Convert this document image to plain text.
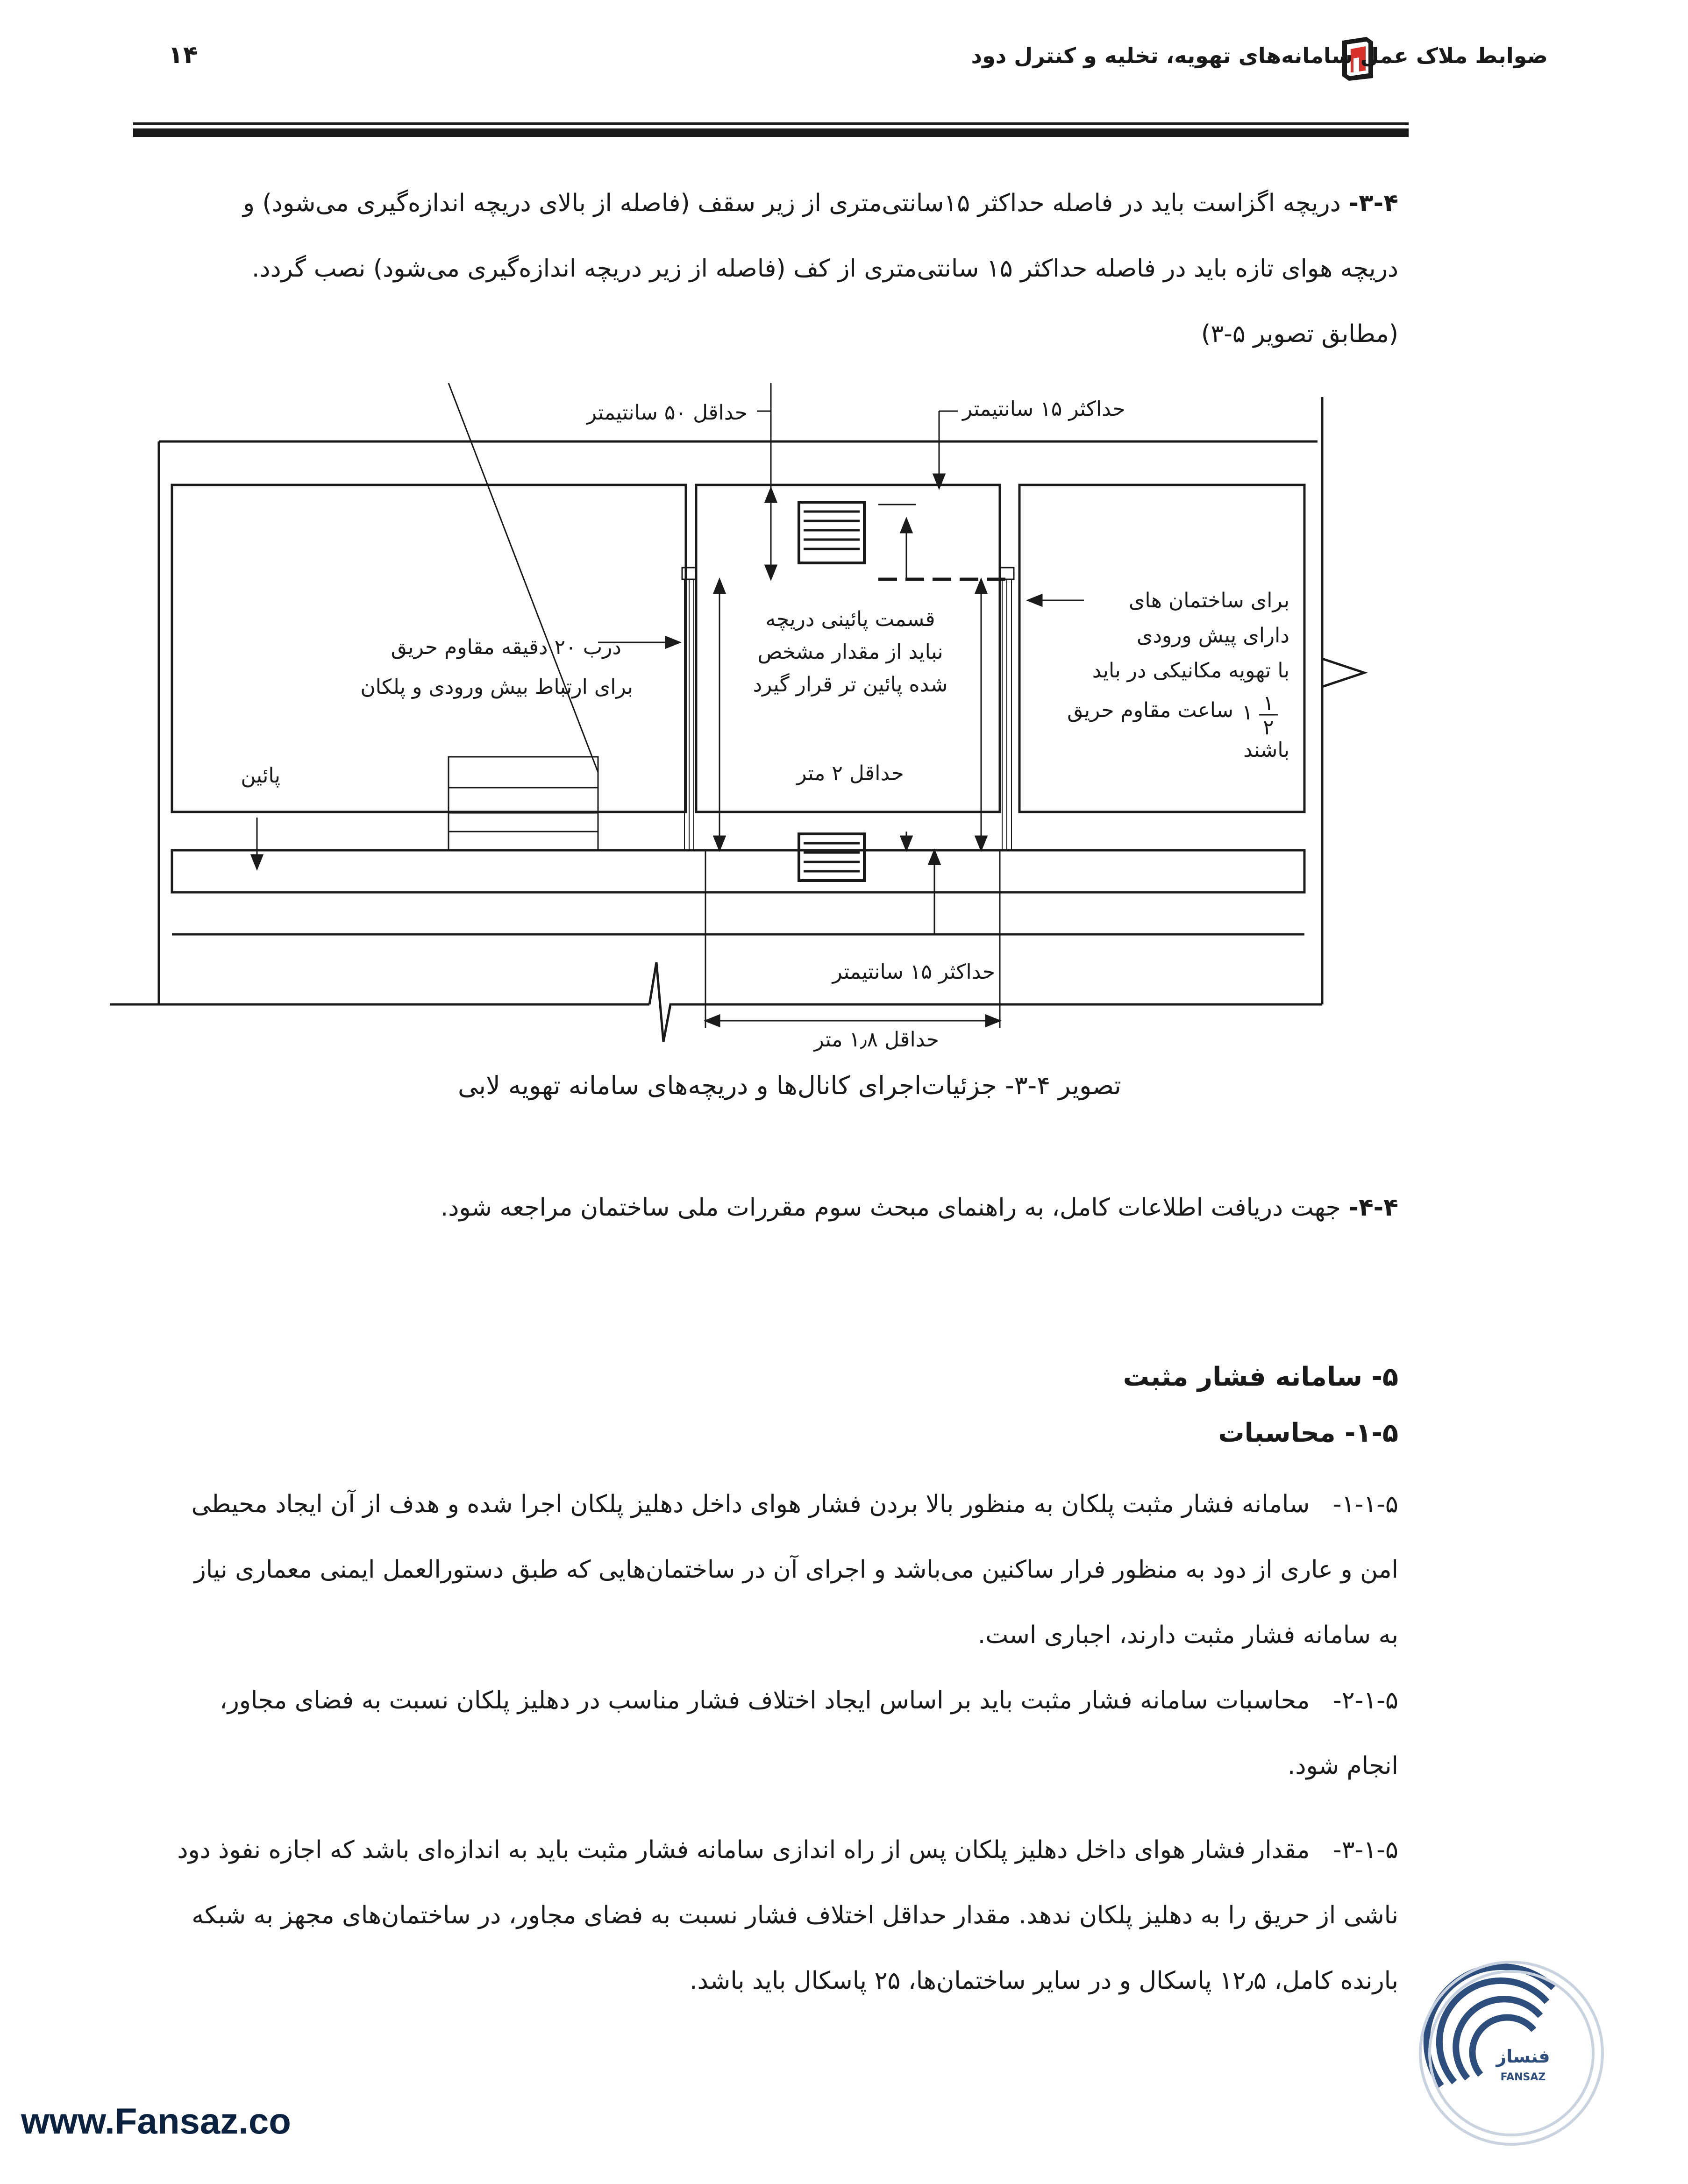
ضوابط ملاک عمل سامانه‌های تهویه، تخلیه و کنترل دود
۱۴

۳-۴- دریچه اگزاست باید در فاصله حداکثر ۱۵سانتی‌متری از زیر سقف (فاصله از بالای دریچه اندازه‌گیری می‌شود) و

دریچه هوای تازه باید در فاصله حداکثر ۱۵ سانتی‌متری از کف (فاصله از زیر دریچه اندازه‌گیری می‌شود) نصب گردد.

(مطابق تصویر ۵-۳)

حداقل ۵۰ سانتیمتر	حداکثر ۱۵ سانتیمتر
درب ۲۰ دقیقه مقاوم حریق
برای ارتباط بیش ورودی و پلکان
قسمت پائینی دریچه
نباید از مقدار مشخص
شده پائین تر قرار گیرد
برای ساختمان های
دارای پیش ورودی
با تهویه مکانیکی در باید
ساعت مقاوم حریق ۱
۲
۱
باشند
پائین	حداقل ۲ متر
حداکثر ۱۵ سانتیمتر
حداقل ۱٫۸ متر
تصویر ۴-۳- جزئیات‌اجرای کانال‌ها و دریچه‌های سامانه تهویه لابی

۴-۴- جهت دریافت اطلاعات کامل، به راهنمای مبحث سوم مقررات ملی ساختمان مراجعه شود.

۵- سامانه فشار مثبت
۱-۵- محاسبات

۱-۱-۵-   سامانه فشار مثبت پلکان به منظور بالا بردن فشار هوای داخل دهلیز پلکان اجرا شده و هدف از آن ایجاد محیطی

امن و عاری از دود به منظور فرار ساکنین می‌باشد و اجرای آن در ساختمان‌هایی که طبق دستورالعمل ایمنی معماری نیاز

به سامانه فشار مثبت دارند، اجباری است.

۲-۱-۵-   محاسبات سامانه فشار مثبت باید بر اساس ایجاد اختلاف فشار مناسب در دهلیز پلکان نسبت به فضای مجاور،

انجام شود.

۳-۱-۵-   مقدار فشار هوای داخل دهلیز پلکان پس از راه اندازی سامانه فشار مثبت باید به اندازه‌ای باشد که اجازه نفوذ دود

ناشی از حریق را به دهلیز پلکان ندهد. مقدار حداقل اختلاف فشار نسبت به فضای مجاور، در ساختمان‌های مجهز به شبکه

بارنده کامل، ۱۲٫۵ پاسکال و در سایر ساختمان‌ها، ۲۵ پاسکال باید باشد.

www.Fansaz.co
فنساز
FANSAZ
